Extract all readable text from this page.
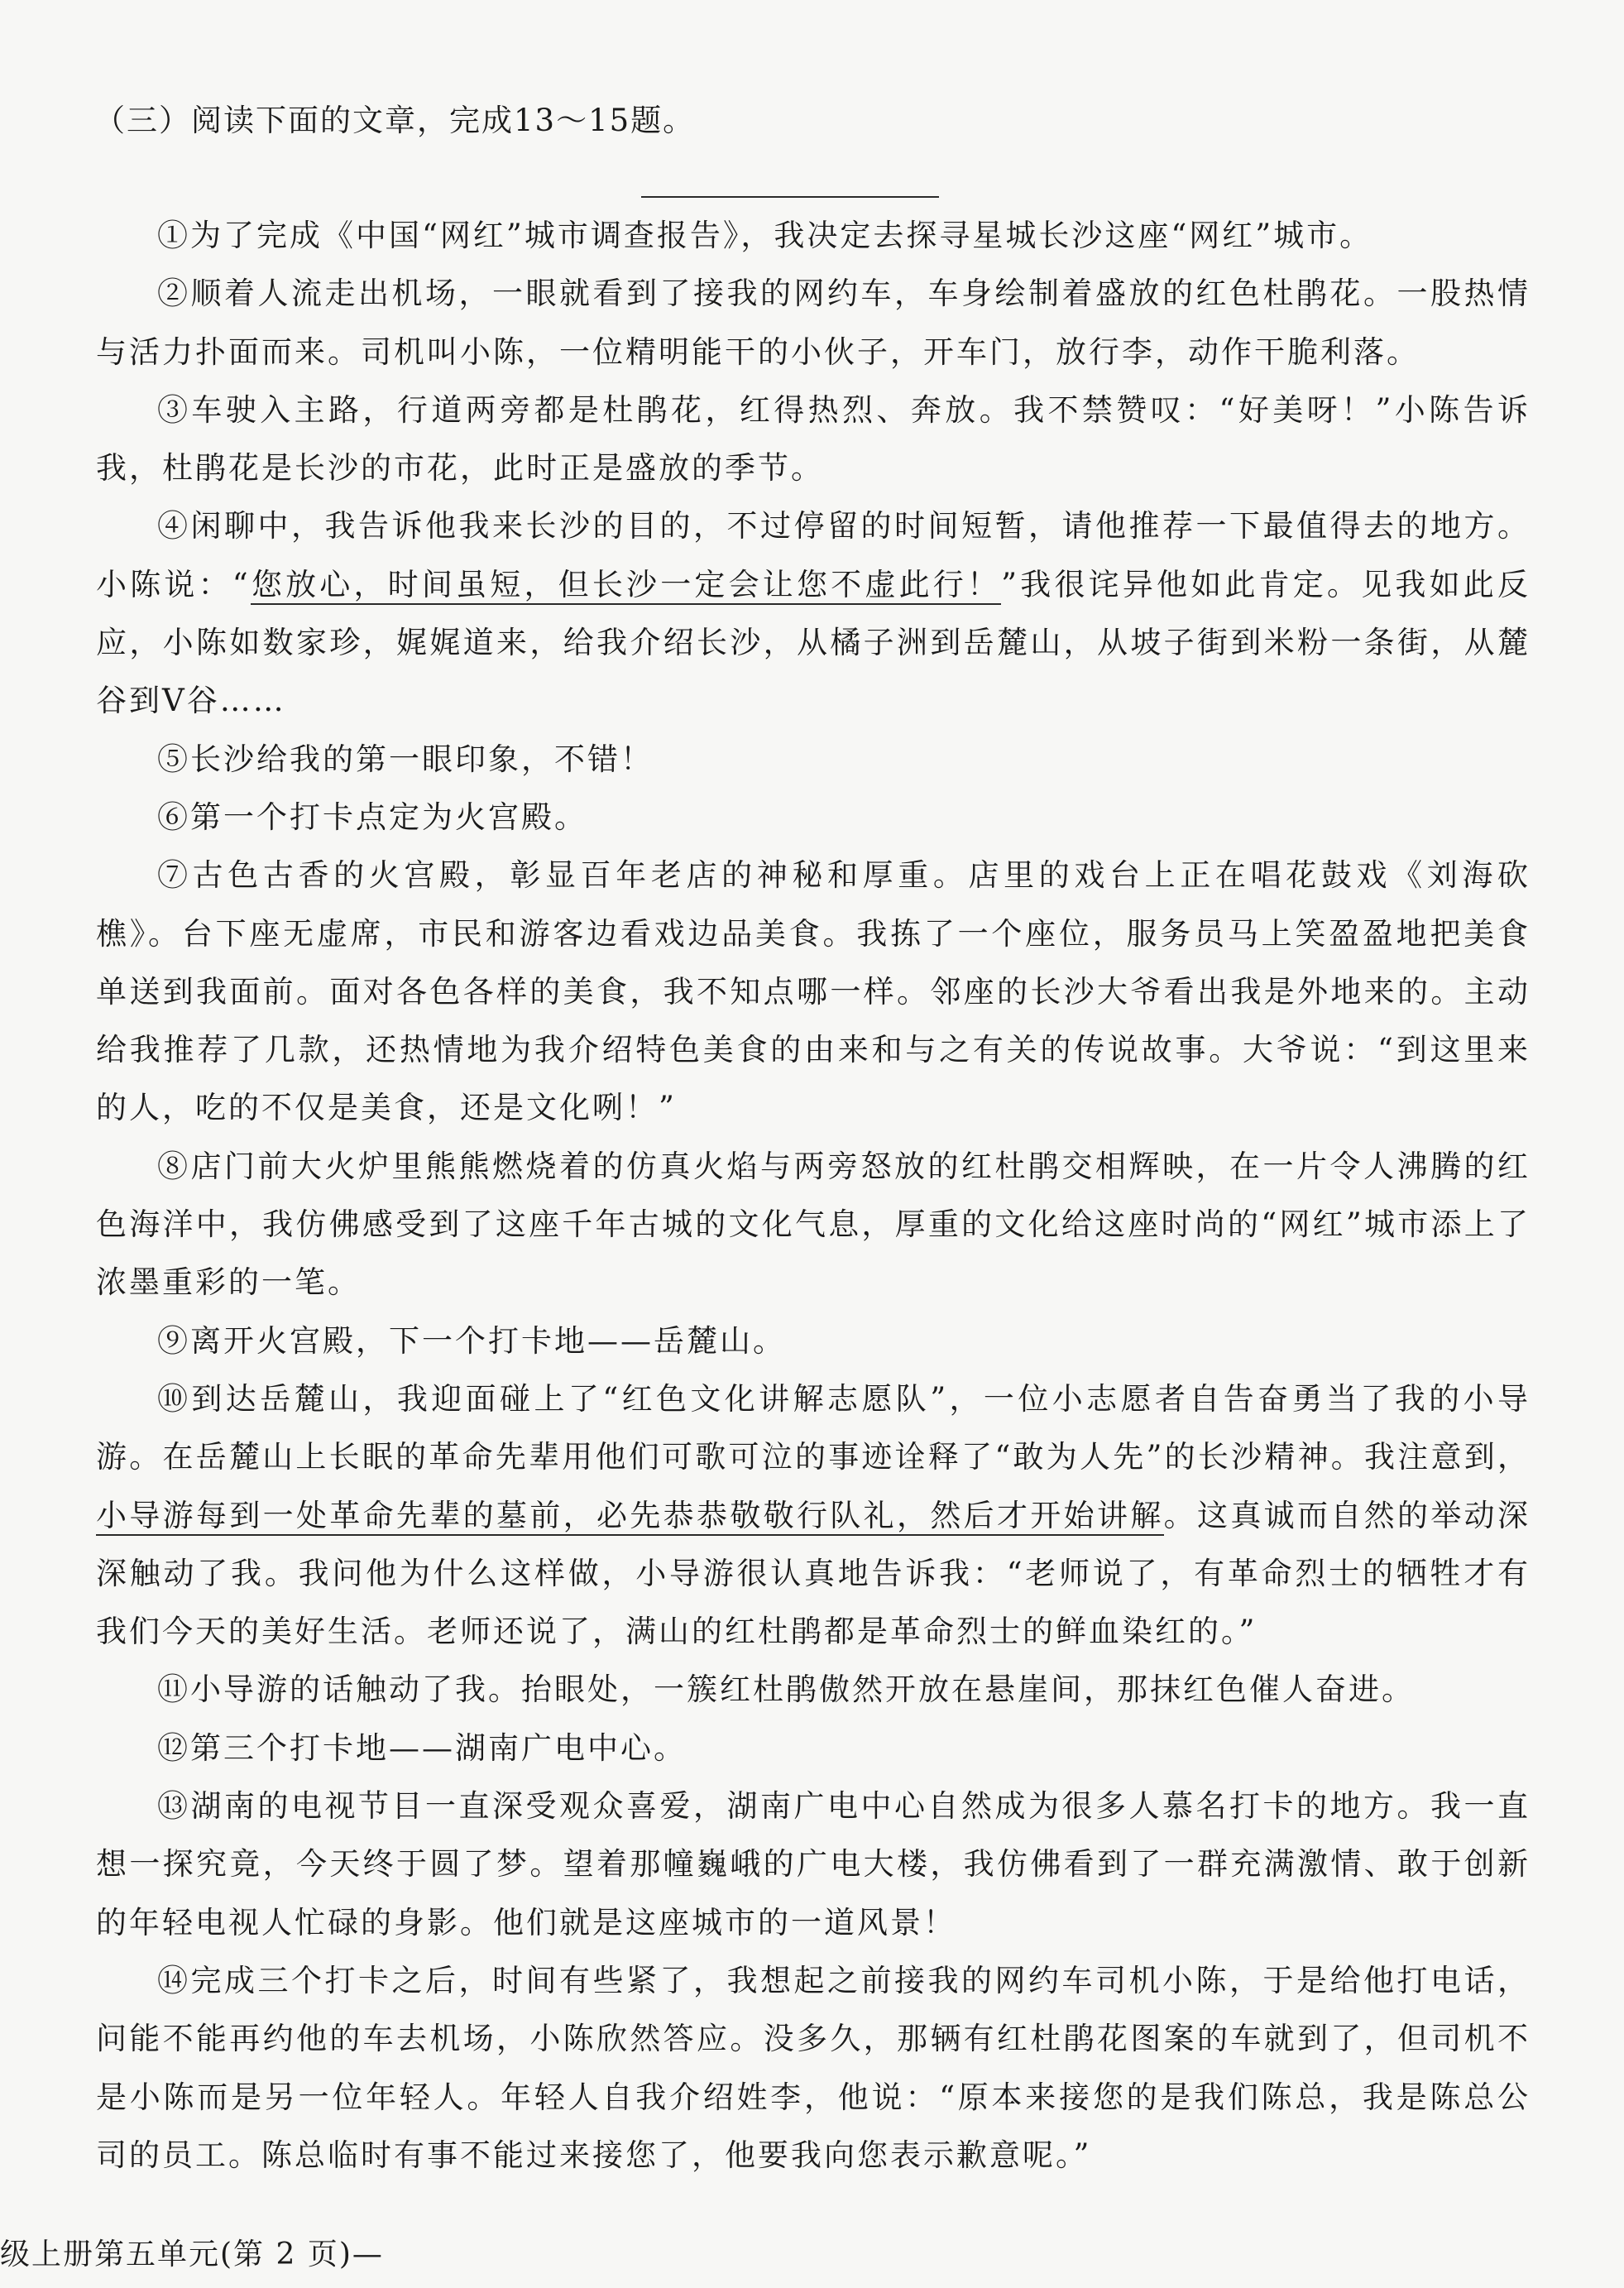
（三）阅读下面的文章，完成13～15题。

①为了完成《中国“网红”城市调查报告》，我决定去探寻星城长沙这座“网红”城市。

②顺着人流走出机场，一眼就看到了接我的网约车，车身绘制着盛放的红色杜鹃花。一股热情与活力扑面而来。司机叫小陈，一位精明能干的小伙子，开车门，放行李，动作干脆利落。

③车驶入主路，行道两旁都是杜鹃花，红得热烈、奔放。我不禁赞叹：“好美呀！”小陈告诉我，杜鹃花是长沙的市花，此时正是盛放的季节。

④闲聊中，我告诉他我来长沙的目的，不过停留的时间短暂，请他推荐一下最值得去的地方。小陈说：“您放心，时间虽短，但长沙一定会让您不虚此行！”我很诧异他如此肯定。见我如此反应，小陈如数家珍，娓娓道来，给我介绍长沙，从橘子洲到岳麓山，从坡子街到米粉一条街，从麓谷到V谷……

⑤长沙给我的第一眼印象，不错！

⑥第一个打卡点定为火宫殿。

⑦古色古香的火宫殿，彰显百年老店的神秘和厚重。店里的戏台上正在唱花鼓戏《刘海砍樵》。台下座无虚席，市民和游客边看戏边品美食。我拣了一个座位，服务员马上笑盈盈地把美食单送到我面前。面对各色各样的美食，我不知点哪一样。邻座的长沙大爷看出我是外地来的。主动给我推荐了几款，还热情地为我介绍特色美食的由来和与之有关的传说故事。大爷说：“到这里来的人，吃的不仅是美食，还是文化咧！”

⑧店门前大火炉里熊熊燃烧着的仿真火焰与两旁怒放的红杜鹃交相辉映，在一片令人沸腾的红色海洋中，我仿佛感受到了这座千年古城的文化气息，厚重的文化给这座时尚的“网红”城市添上了浓墨重彩的一笔。

⑨离开火宫殿，下一个打卡地——岳麓山。

⑩到达岳麓山，我迎面碰上了“红色文化讲解志愿队”，一位小志愿者自告奋勇当了我的小导游。在岳麓山上长眠的革命先辈用他们可歌可泣的事迹诠释了“敢为人先”的长沙精神。我注意到，小导游每到一处革命先辈的墓前，必先恭恭敬敬行队礼，然后才开始讲解。这真诚而自然的举动深深触动了我。我问他为什么这样做，小导游很认真地告诉我：“老师说了，有革命烈士的牺牲才有我们今天的美好生活。老师还说了，满山的红杜鹃都是革命烈士的鲜血染红的。”

⑪小导游的话触动了我。抬眼处，一簇红杜鹃傲然开放在悬崖间，那抹红色催人奋进。

⑫第三个打卡地——湖南广电中心。

⑬湖南的电视节目一直深受观众喜爱，湖南广电中心自然成为很多人慕名打卡的地方。我一直想一探究竟，今天终于圆了梦。望着那幢巍峨的广电大楼，我仿佛看到了一群充满激情、敢于创新的年轻电视人忙碌的身影。他们就是这座城市的一道风景！

⑭完成三个打卡之后，时间有些紧了，我想起之前接我的网约车司机小陈，于是给他打电话，问能不能再约他的车去机场，小陈欣然答应。没多久，那辆有红杜鹃花图案的车就到了，但司机不是小陈而是另一位年轻人。年轻人自我介绍姓李，他说：“原本来接您的是我们陈总，我是陈总公司的员工。陈总临时有事不能过来接您了，他要我向您表示歉意呢。”

级上册第五单元(第 2 页)—
